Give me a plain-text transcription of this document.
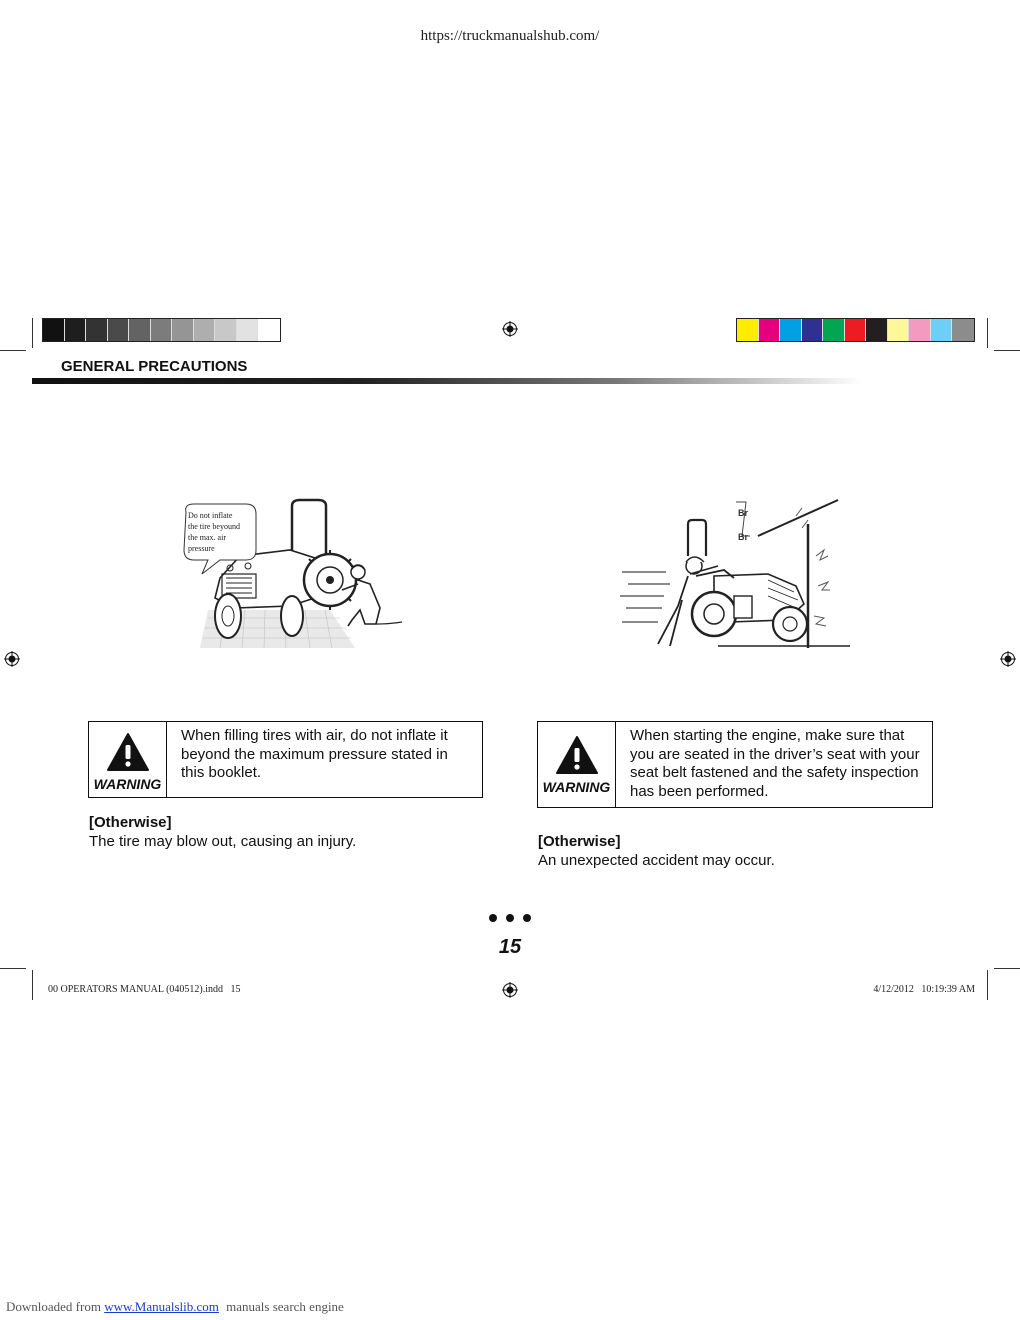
https://truckmanualshub.com/
GENERAL PRECAUTIONS
Do not inflate
the tire beyound
the max. air
pressure
Br
Br
WARNING
When filling tires with air, do not inflate it beyond the maximum pressure stated in this booklet.
[Otherwise]
The tire may blow out, causing an injury.
WARNING
When starting the engine, make sure that you are seated in the driver’s seat with your seat belt fastened and the safety inspection has been performed.
[Otherwise]
An unexpected accident may occur.
15
00 OPERATORS MANUAL (040512).indd   15	4/12/2012   10:19:39 AM
Downloaded from www.Manualslib.com manuals search engine
